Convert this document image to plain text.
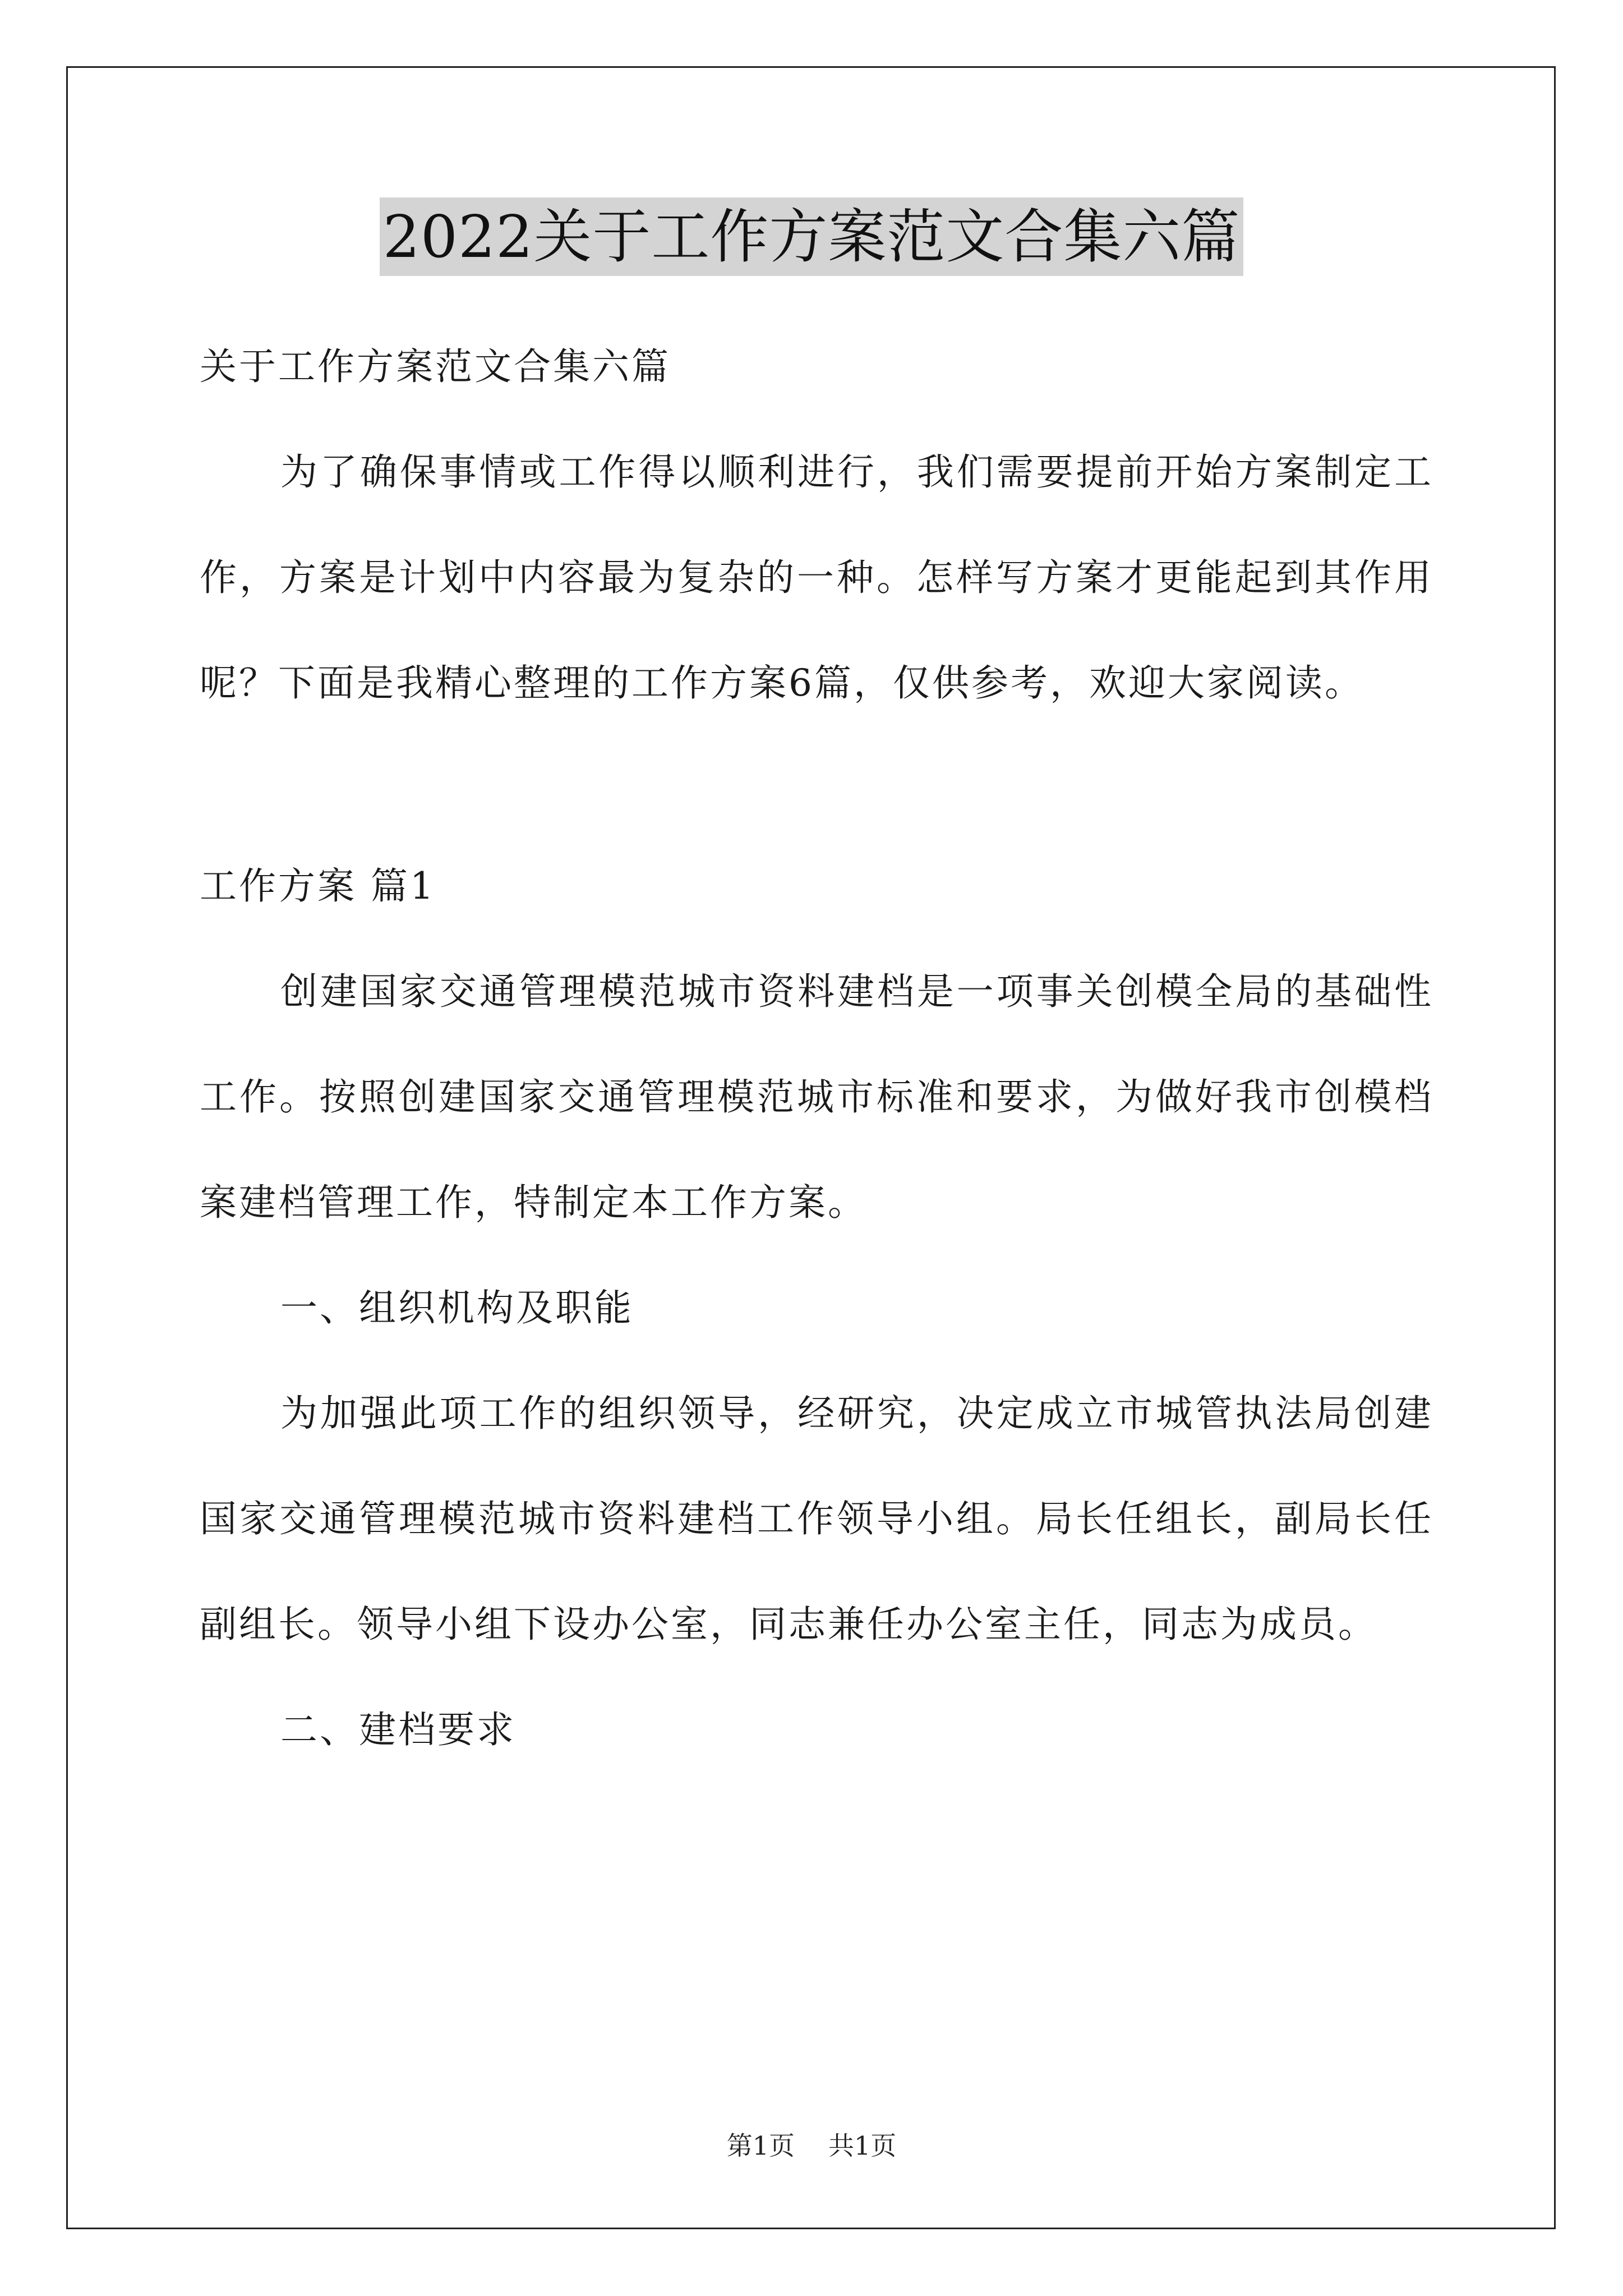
2022关于工作方案范文合集六篇

关于工作方案范文合集六篇

为了确保事情或工作得以顺利进行，我们需要提前开始方案制定工作，方案是计划中内容最为复杂的一种。怎样写方案才更能起到其作用呢？下面是我精心整理的工作方案6篇，仅供参考，欢迎大家阅读。

工作方案 篇1

创建国家交通管理模范城市资料建档是一项事关创模全局的基础性工作。按照创建国家交通管理模范城市标准和要求，为做好我市创模档案建档管理工作，特制定本工作方案。

一、组织机构及职能

为加强此项工作的组织领导，经研究，决定成立市城管执法局创建国家交通管理模范城市资料建档工作领导小组。局长任组长，副局长任副组长。领导小组下设办公室，同志兼任办公室主任，同志为成员。

二、建档要求

第1页 共1页
